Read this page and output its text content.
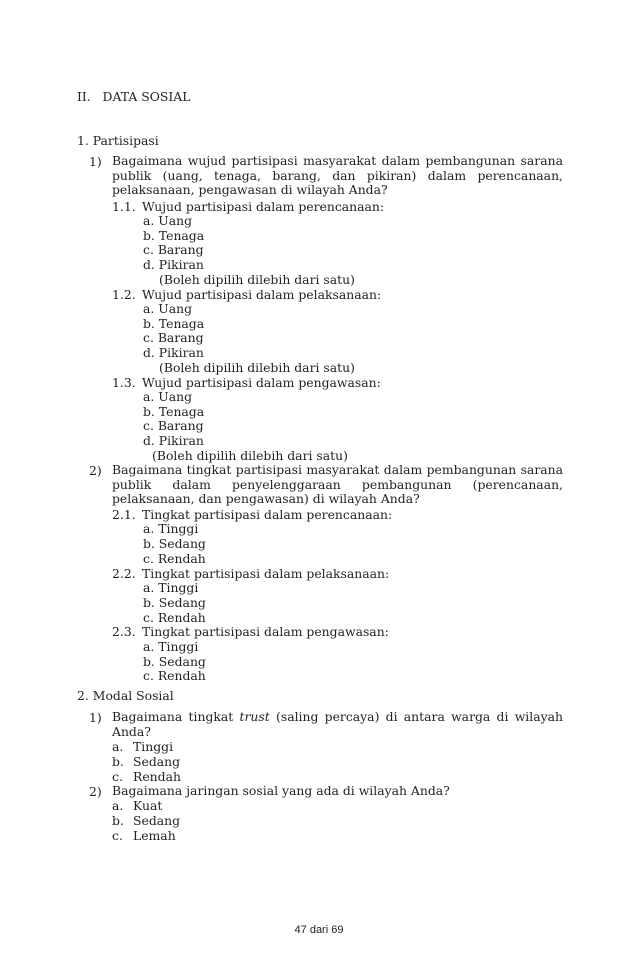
II.   DATA SOSIAL
1. Partisipasi
1) Bagaimana wujud partisipasi masyarakat dalam pembangunan sarana
publik (uang, tenaga, barang, dan pikiran) dalam perencanaan,
pelaksanaan, pengawasan di wilayah Anda?
1.1. Wujud partisipasi dalam perencanaan:
a. Uang
b. Tenaga
c. Barang
d. Pikiran
(Boleh dipilih dilebih dari satu)
1.2. Wujud partisipasi dalam pelaksanaan:
a. Uang
b. Tenaga
c. Barang
d. Pikiran
(Boleh dipilih dilebih dari satu)
1.3. Wujud partisipasi dalam pengawasan:
a. Uang
b. Tenaga
c. Barang
d. Pikiran
(Boleh dipilih dilebih dari satu)
2) Bagaimana tingkat partisipasi masyarakat dalam pembangunan sarana
publik dalam penyelenggaraan pembangunan (perencanaan,
pelaksanaan, dan pengawasan) di wilayah Anda?
2.1. Tingkat partisipasi dalam perencanaan:
a. Tinggi
b. Sedang
c. Rendah
2.2. Tingkat partisipasi dalam pelaksanaan:
a. Tinggi
b. Sedang
c. Rendah
2.3. Tingkat partisipasi dalam pengawasan:
a. Tinggi
b. Sedang
c. Rendah
2. Modal Sosial
1) Bagaimana tingkat trust (saling percaya) di antara warga di wilayah
Anda?
a. Tinggi
b. Sedang
c. Rendah
2) Bagaimana jaringan sosial yang ada di wilayah Anda?
a. Kuat
b. Sedang
c. Lemah
47 dari 69
